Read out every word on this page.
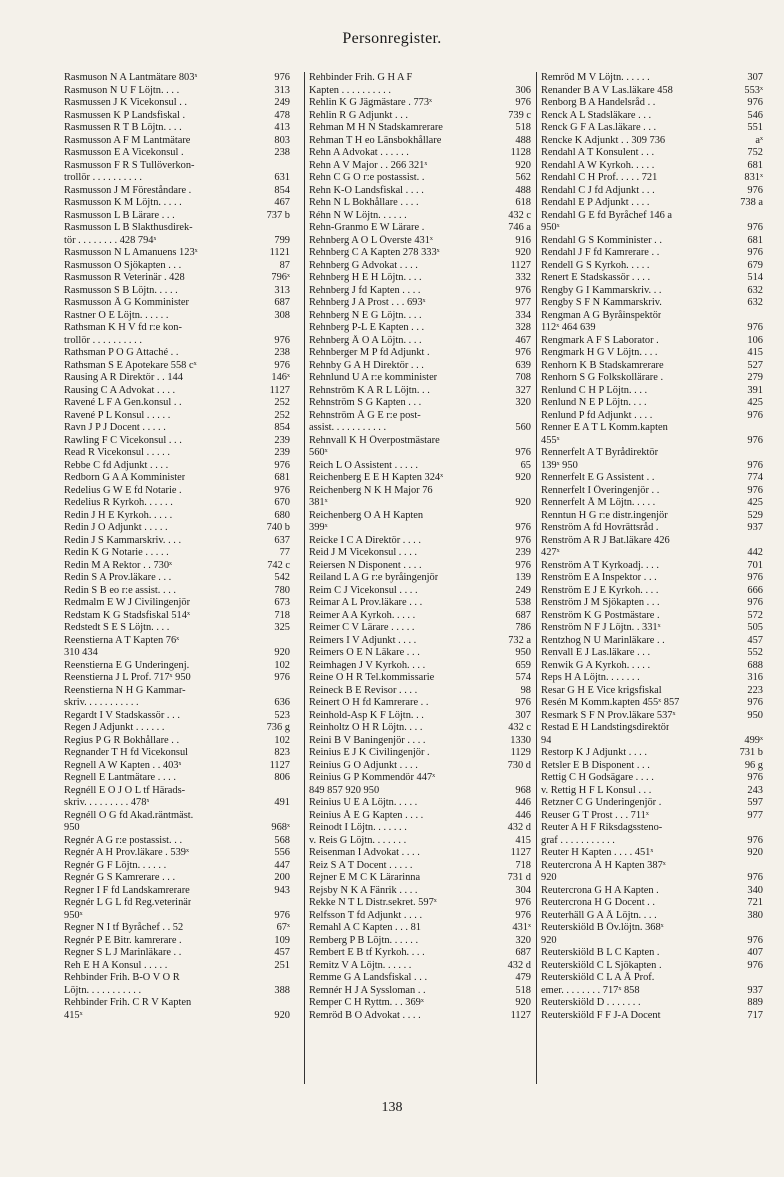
Personregister.
Rasmuson N A Lantmätare 803ˣ	976
Rasmuson N U F Löjtn. . . .	313
Rasmussen J K Vicekonsul . .	249
Rasmussen K P Landsfiskal .	478
Rasmussen R T B Löjtn. . . .	413
Rasmusson A F M Lantmätare	803
Rasmusson E A Vicekonsul .	238
Rasmusson F R S Tullöverkon-
trollör . . . . . . . . . .	631
Rasmusson J M Föreståndare .	854
Rasmusson K M Löjtn. . . . .	467
Rasmusson L B Lärare . . .	737 b
Rasmusson L B Slakthusdirek-
tör . . . . . . . . 428 794ˣ	799
Rasmusson N L Amanuens 123ˣ	1121
Rasmusson O Sjökapten . . .	87
Rasmusson R Veterinär . 428	796ˣ
Rasmusson S B Löjtn. . . . .	313
Rasmusson Å G Komminister	687
Rastner O E Löjtn. . . . . .	308
Rathsman K H V fd r:e kon-
trollör . . . . . . . . . .	976
Rathsman P O G Attaché . .	238
Rathsman S E Apotekare 558 cˣ	976
Rausing A R Direktör . . 144	146ˣ
Rausing C A Advokat . . . .	1127
Ravené L F A Gen.konsul . .	252
Ravené P L Konsul . . . . .	252
Ravn J P J Docent . . . . .	854
Rawling F C Vicekonsul . . .	239
Read R Vicekonsul . . . . .	239
Rebbe C fd Adjunkt . . . .	976
Redborn G A A Komminister	681
Redelius G W E fd Notarie .	976
Redelius R Kyrkoh. . . . . .	670
Redin J H E Kyrkoh. . . . .	680
Redin J O Adjunkt . . . . .	740 b
Redin J S Kammarskriv. . . .	637
Redin K G Notarie . . . . .	77
Redin M A Rektor . . 730ˣ	742 c
Redin S A Prov.läkare . . .	542
Redin S B eo r:e assist. . . .	780
Redmalm E W J Civilingenjör	673
Redstam K G Stadsfiskal 514ˣ	718
Redstedt S E S Löjtn. . . .	325
Reenstierna A T Kapten 76ˣ
310 434	920
Reenstierna E G Underingenj.	102
Reenstierna J L Prof. 717ˣ 950	976
Reenstierna N H G Kammar-
skriv. . . . . . . . . . .	636
Regardt I V Stadskassör . . .	523
Regen J Adjunkt . . . . . .	736 g
Regius P G R Bokhållare . .	102
Regnander T H fd Vicekonsul	823
Regnell A W Kapten . . 403ˣ	1127
Regnell E Lantmätare . . . .	806
Regnéll E O J O L tf Härads-
skriv. . . . . . . . . 478ˣ	491
Regnéll O G fd Akad.räntmäst.
950	968ˣ
Regnér A G r:e postassist. . .	568
Regnér A H Prov.läkare . 539ˣ	556
Regnér G F Löjtn. . . . . .	447
Regnér G S Kamrerare . . .	200
Regner I F fd Landskamrerare	943
Regnér L G L fd Reg.veterinär
950ˣ	976
Regner N I tf Byråchef . . 52	67ˣ
Regnér P E Bitr. kamrerare .	109
Regner S L J Marinläkare . .	457
Reh E H A Konsul . . . . .	251
Rehbinder Frih. B-O V O R
Löjtn. . . . . . . . . . .	388
Rehbinder Frih. C R V Kapten
415ˣ	920
Rehbinder Frih. G H A F
Kapten . . . . . . . . . .	306
Rehlin K G Jägmästare . 773ˣ	976
Rehlin R G Adjunkt . . .	739 c
Rehman M H N Stadskamrerare	518
Rehman T H eo Länsbokhållare	488
Rehn A Advokat . . . . . .	1128
Rehn A V Major . . 266 321ˣ	920
Rehn C G O r:e postassist. .	562
Rehn K-O Landsfiskal . . . .	488
Rehn N L Bokhållare . . . .	618
Réhn N W Löjtn. . . . . .	432 c
Rehn-Granmo E W Lärare .	746 a
Rehnberg A O L Överste 431ˣ	916
Rehnberg C A Kapten 278 333ˣ	920
Rehnberg G Advokat . . . .	1127
Rehnberg H E H Löjtn. . . .	332
Rehnberg J fd Kapten . . . .	976
Rehnberg J A Prost . . . 693ˣ	977
Rehnberg N E G Löjtn. . . .	334
Rehnberg P-L E Kapten . . .	328
Rehnberg Å O A Löjtn. . . .	467
Rehnberger M P fd Adjunkt .	976
Rehnby G A H Direktör . . .	639
Rehnlund U A r:e komminister	708
Rehnström K A R L Löjtn. . .	327
Rehnström S G Kapten . . .	320
Rehnström Å G E r:e post-
assist. . . . . . . . . . .	560
Rehnvall K H Överpostmästare
560ˣ	976
Reich L O Assistent . . . . .	65
Reichenberg E E H Kapten 324ˣ	920
Reichenberg N K H Major 76
381ˣ	920
Reichenberg O A H Kapten
399ˣ	976
Reicke I C A Direktör . . . .	976
Reid J M Vicekonsul . . . .	239
Reiersen N Disponent . . . .	976
Reiland L A G r:e byråingenjör	139
Reim C J Vicekonsul . . . .	249
Reimar A L Prov.läkare . . .	538
Reimer A A Kyrkoh. . . . .	687
Reimer C V Lärare . . . . .	786
Reimers I V Adjunkt . . . .	732 a
Reimers O E N Läkare . . .	950
Reimhagen J V Kyrkoh. . . .	659
Reine O H R Tel.kommissarie	574
Reineck B E Revisor . . . .	98
Reinert O H fd Kamrerare . .	976
Reinhold-Asp K F Löjtn. . .	307
Reinholtz O H R Löjtn. . . .	432 c
Reini B V Baningenjör . . . .	1330
Reinius E J K Civilingenjör .	1129
Reinius G O Adjunkt . . . .	730 d
Reinius G P Kommendör 447ˣ
849 857 920 950	968
Reinius U E A Löjtn. . . . .	446
Reinius Å E G Kapten . . . .	446
Reinodt I Löjtn. . . . . . .	432 d
v. Reis G Löjtn. . . . . . .	415
Reisenman I Advokat . . . .	1127
Reiz S A T Docent . . . . .	718
Rejner E M C K Lärarinna	731 d
Rejsby N K A Fänrik . . . .	304
Rekke N T L Distr.sekret. 597ˣ	976
Relfsson T fd Adjunkt . . . .	976
Remahl A C Kapten . . . 81	431ˣ
Remberg P B Löjtn. . . . . .	320
Rembert E B tf Kyrkoh. . . .	687
Remitz V A Löjtn. . . . . .	432 d
Remme G A Landsfiskal . . .	479
Remnér H J A Syssloman . .	518
Remper C H Ryttm. . . 369ˣ	920
Remröd B O Advokat . . . .	1127
Remröd M V Löjtn. . . . . .	307
Renander B A V Las.läkare 458	553ˣ
Renborg B A Handelsråd . .	976
Renck A L Stadsläkare . . .	546
Renck G F A Las.läkare . . .	551
Rencke K Adjunkt . . 309 736	aˣ
Rendahl A T Konsulent . . .	752
Rendahl A W Kyrkoh. . . . .	681
Rendahl C H Prof. . . . . 721	831ˣ
Rendahl C J fd Adjunkt . . .	976
Rendahl E P Adjunkt . . . .	738 a
Rendahl G E fd Byråchef 146 a
950ˣ	976
Rendahl G S Komminister . .	681
Rendahl J F fd Kamrerare . .	976
Rendell G S Kyrkoh. . . . .	679
Renert E Stadskassör . . . .	514
Rengby G I Kammarskriv. . .	632
Rengby S F N Kammarskriv.	632
Rengman A G Byråinspektör
112ˣ 464 639	976
Rengmark A F S Laborator .	106
Rengmark H G V Löjtn. . . .	415
Renhorn K B Stadskamrerare	527
Renhorn S G Folkskollärare .	279
Renlund C H P Löjtn. . . .	391
Renlund N E P Löjtn. . . .	425
Renlund P fd Adjunkt . . . .	976
Renner E A T L Komm.kapten
455ˣ	976
Rennerfelt A T Byrådirektör
139ˣ 950	976
Rennerfelt E G Assistent . .	774
Rennerfelt I Överingenjör . .	976
Rennerfelt Å M Löjtn. . . . .	425
Renntun H G r:e distr.ingenjör	529
Renström A fd Hovrättsråd .	937
Renström A R J Bat.läkare 426
427ˣ	442
Renström A T Kyrkoadj. . . .	701
Renström E A Inspektor . . .	976
Renström E J E Kyrkoh. . . .	666
Renström J M Sjökapten . . .	976
Renström K G Postmästare .	572
Renström N F J Löjtn. . 331ˣ	505
Rentzhog N U Marinläkare . .	457
Renvall E J Las.läkare . . .	552
Renwik G A Kyrkoh. . . . .	688
Reps H A Löjtn. . . . . . .	316
Resar G H E Vice krigsfiskal	223
Resén M Komm.kapten 455ˣ 857	976
Resmark S F N Prov.läkare 537ˣ	950
Restad E H Landstingsdirektör
94	499ˣ
Restorp K J Adjunkt . . . .	731 b
Retsler E B Disponent . . .	96 g
Rettig C H Godsägare . . . .	976
v. Rettig H F L Konsul . . .	243
Retzner C G Underingenjör .	597
Reuser G T Prost . . . 711ˣ	977
Reuter A H F Riksdagssteno-
graf . . . . . . . . . . .	976
Reuter H Kapten . . . . 451ˣ	920
Reutercrona Å H Kapten 387ˣ
920	976
Reutercrona G H A Kapten .	340
Reutercrona H G Docent . .	721
Reuterhäll G A Å Löjtn. . . .	380
Reuterskiöld B Öv.löjtn. 368ˣ
920	976
Reuterskiöld B L C Kapten .	407
Reuterskiöld C L Sjökapten .	976
Reuterskiöld C L A Å Prof.
emer. . . . . . . . 717ˣ 858	937
Reuterskiöld D . . . . . . .	889
Reuterskiöld F F J-A Docent	717
138
